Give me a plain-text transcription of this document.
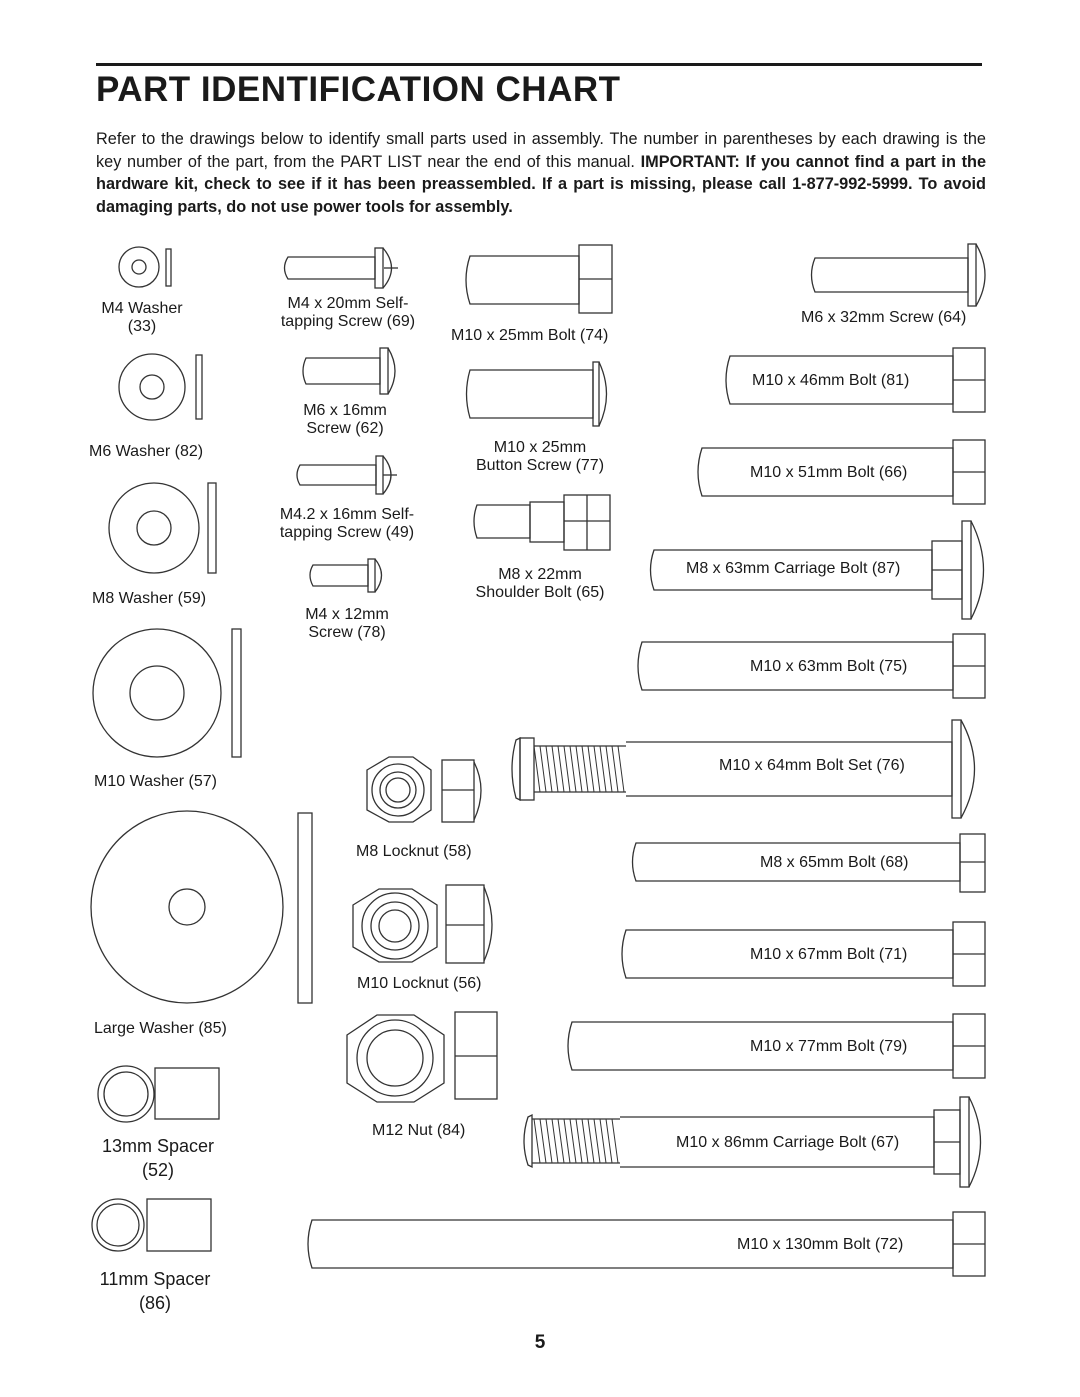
PART IDENTIFICATION CHART
Refer to the drawings below to identify small parts used in assembly. The number in parentheses by each drawing is the key number of the part, from the PART LIST near the end of this manual. IMPORTANT: If you cannot find a part in the hardware kit, check to see if it has been preassembled. If a part is missing, please call 1-877-992-5999. To avoid damaging parts, do not use power tools for assembly.
M4 Washer
(33)
M6 Washer (82)
M8 Washer (59)
M10 Washer (57)
Large Washer (85)
13mm Spacer
(52)
11mm Spacer
(86)
M4 x 20mm Self-
tapping Screw (69)
M6 x 16mm
Screw (62)
M4.2 x 16mm Self-
tapping Screw (49)
M4 x 12mm
Screw (78)
M10 x 25mm Bolt (74)
M10 x 25mm
Button Screw (77)
M8 x 22mm
Shoulder Bolt (65)
M8 Locknut (58)
M10 Locknut (56)
M12 Nut (84)
M6 x 32mm Screw (64)
M10 x 46mm Bolt (81)
M10 x 51mm Bolt (66)
M8 x 63mm Carriage Bolt (87)
M10 x 63mm Bolt (75)
M10 x 64mm Bolt Set (76)
M8 x 65mm Bolt (68)
M10 x 67mm Bolt (71)
M10 x 77mm Bolt (79)
M10 x 86mm Carriage Bolt (67)
M10 x 130mm Bolt (72)
5
